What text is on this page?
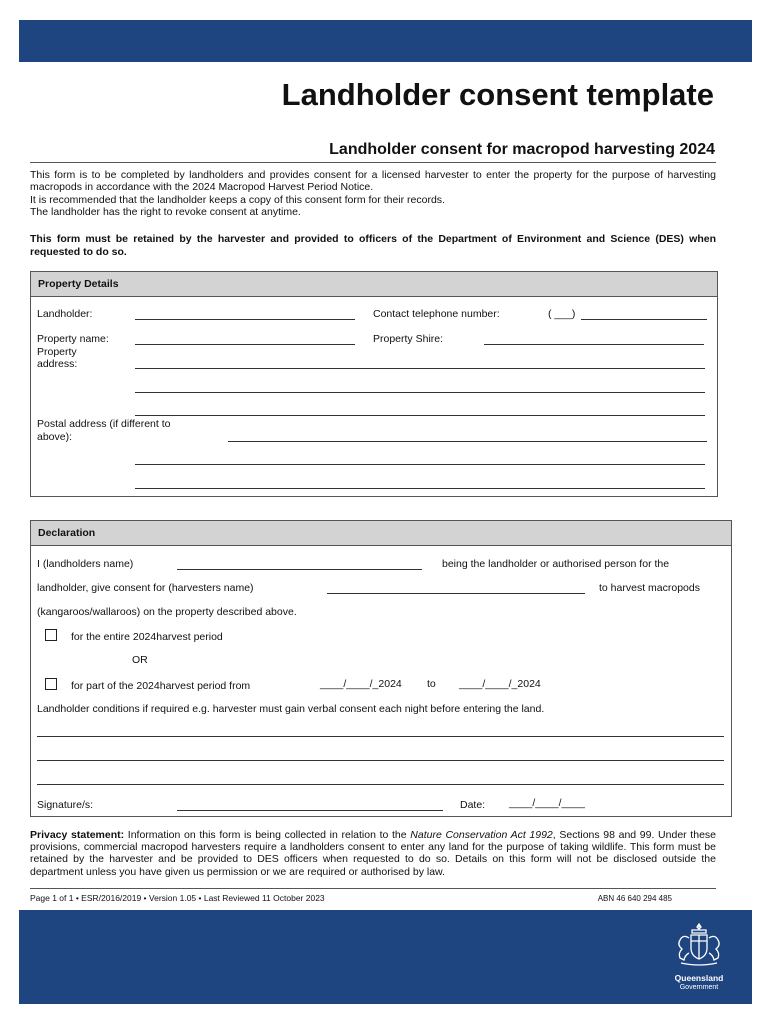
Landholder consent template
Landholder consent for macropod harvesting 2024

This form is to be completed by landholders and provides consent for a licensed harvester to enter the property for the purpose of harvesting macropods in accordance with the 2024 Macropod Harvest Period Notice.

It is recommended that the landholder keeps a copy of this consent form for their records.

The landholder has the right to revoke consent at anytime.

This form must be retained by the harvester and provided to officers of the Department of Environment and Science (DES) when requested to do so.
Property Details
Landholder:	Contact telephone number:	( ___)
Property name:	Property Shire:
Property
address:
Postal address (if different to
above):
Declaration
I (landholders name)	being the landholder or authorised person for the
landholder, give consent for (harvesters name)	to harvest macropods
(kangaroos/wallaroos) on the property described above.
for the entire 2024harvest period
OR
for part of the 2024harvest period from	____/____/_2024 to ____/____/_2024
Landholder conditions if required e.g. harvester must gain verbal consent each night before entering the land.
Signature/s:	Date: ____/____/____

Privacy statement: Information on this form is being collected in relation to the Nature Conservation Act 1992, Sections 98 and 99. Under these provisions, commercial macropod harvesters require a landholders consent to enter any land for the purpose of taking wildlife. This form must be retained by the harvester and be provided to DES officers when requested to do so. Details on this form will not be disclosed outside the department unless you have given us permission or we are required or authorised by law.

Page 1 of 1 • ESR/2016/2019 • Version 1.05 • Last Reviewed 11 October 2023	ABN 46 640 294 485
Queensland
Government
